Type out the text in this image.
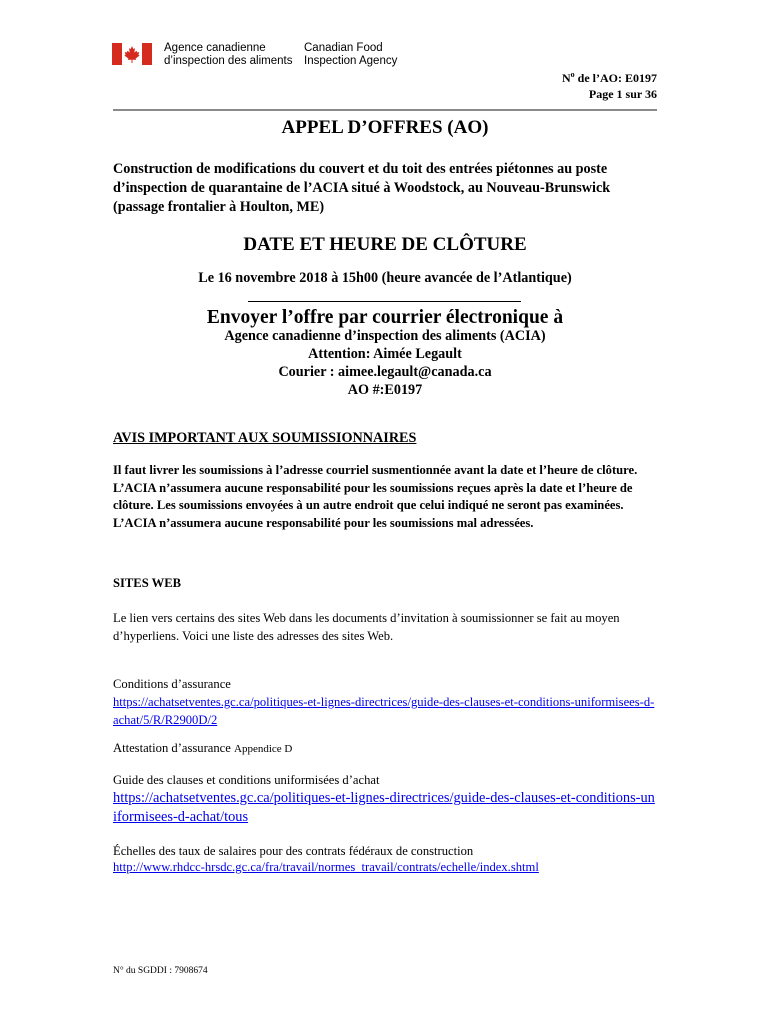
Agence canadienne
d’inspection des aliments
Canadian Food
Inspection Agency
$N^o$ de l’AO: E0197
Page 1 sur 36
APPEL D’OFFRES (AO)
Construction de modifications du couvert et du toit des entrées piétonnes au poste d’inspection de quarantaine de l’ACIA situé à Woodstock, au Nouveau-Brunswick (passage frontalier à Houlton, ME)
DATE ET HEURE DE CLÔTURE
Le 16 novembre 2018 à 15h00 (heure avancée de l’Atlantique)
Envoyer l’offre par courrier électronique à
Agence canadienne d’inspection des aliments (ACIA)
Attention: Aimée Legault
Courier : aimee.legault@canada.ca
AO #:E0197
AVIS IMPORTANT AUX SOUMISSIONNAIRES
Il faut livrer les soumissions à l’adresse courriel susmentionnée avant la date et l’heure de clôture. L’ACIA n’assumera aucune responsabilité pour les soumissions reçues après la date et l’heure de clôture. Les soumissions envoyées à un autre endroit que celui indiqué ne seront pas examinées. L’ACIA n’assumera aucune responsabilité pour les soumissions mal adressées.
SITES WEB
Le lien vers certains des sites Web dans les documents d’invitation à soumissionner se fait au moyen d’hyperliens. Voici une liste des adresses des sites Web.
Conditions d’assurance
https://achatsetventes.gc.ca/politiques-et-lignes-directrices/guide-des-clauses-et-conditions-uniformisees-d-achat/5/R/R2900D/2
Attestation d’assurance Appendice D
Guide des clauses et conditions uniformisées d’achat
https://achatsetventes.gc.ca/politiques-et-lignes-directrices/guide-des-clauses-et-conditions-uniformisees-d-achat/tous
Échelles des taux de salaires pour des contrats fédéraux de construction
http://www.rhdcc-hrsdc.gc.ca/fra/travail/normes_travail/contrats/echelle/index.shtml
N° du SGDDI : 7908674
